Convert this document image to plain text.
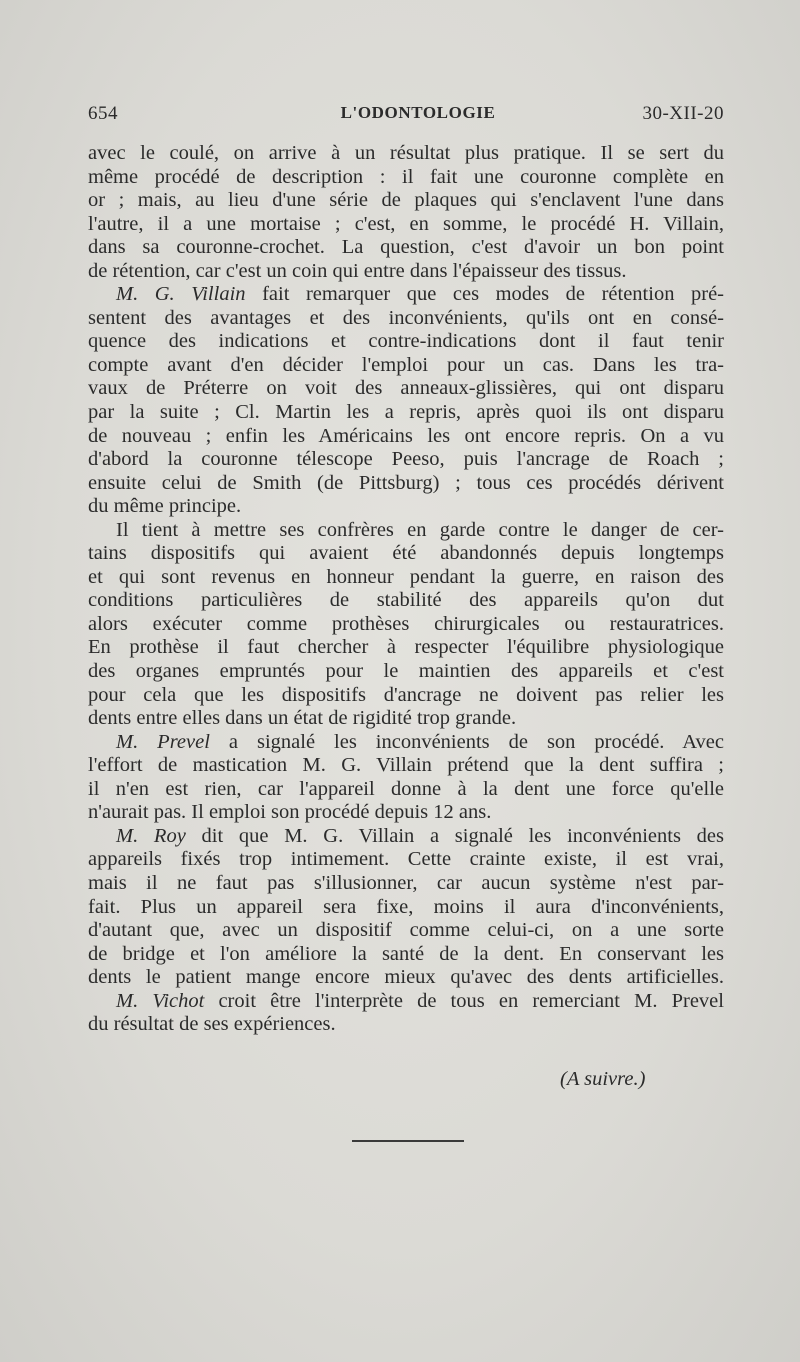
654	L'ODONTOLOGIE	30-XII-20
avec le coulé, on arrive à un résultat plus pratique. Il se sert du
même procédé de description : il fait une couronne complète en
or ; mais, au lieu d'une série de plaques qui s'enclavent l'une dans
l'autre, il a une mortaise ; c'est, en somme, le procédé H. Villain,
dans sa couronne-crochet. La question, c'est d'avoir un bon point
de rétention, car c'est un coin qui entre dans l'épaisseur des tissus.
M. G. Villain fait remarquer que ces modes de rétention pré-
sentent des avantages et des inconvénients, qu'ils ont en consé-
quence des indications et contre-indications dont il faut tenir
compte avant d'en décider l'emploi pour un cas. Dans les tra-
vaux de Préterre on voit des anneaux-glissières, qui ont disparu
par la suite ; Cl. Martin les a repris, après quoi ils ont disparu
de nouveau ; enfin les Américains les ont encore repris. On a vu
d'abord la couronne télescope Peeso, puis l'ancrage de Roach ;
ensuite celui de Smith (de Pittsburg) ; tous ces procédés dérivent
du même principe.
Il tient à mettre ses confrères en garde contre le danger de cer-
tains dispositifs qui avaient été abandonnés depuis longtemps
et qui sont revenus en honneur pendant la guerre, en raison des
conditions particulières de stabilité des appareils qu'on dut
alors exécuter comme prothèses chirurgicales ou restauratrices.
En prothèse il faut chercher à respecter l'équilibre physiologique
des organes empruntés pour le maintien des appareils et c'est
pour cela que les dispositifs d'ancrage ne doivent pas relier les
dents entre elles dans un état de rigidité trop grande.
M. Prevel a signalé les inconvénients de son procédé. Avec
l'effort de mastication M. G. Villain prétend que la dent suffira ;
il n'en est rien, car l'appareil donne à la dent une force qu'elle
n'aurait pas. Il emploi son procédé depuis 12 ans.
M. Roy dit que M. G. Villain a signalé les inconvénients des
appareils fixés trop intimement. Cette crainte existe, il est vrai,
mais il ne faut pas s'illusionner, car aucun système n'est par-
fait. Plus un appareil sera fixe, moins il aura d'inconvénients,
d'autant que, avec un dispositif comme celui-ci, on a une sorte
de bridge et l'on améliore la santé de la dent. En conservant les
dents le patient mange encore mieux qu'avec des dents artificielles.
M. Vichot croit être l'interprète de tous en remerciant M. Prevel
du résultat de ses expériences.
(A suivre.)
